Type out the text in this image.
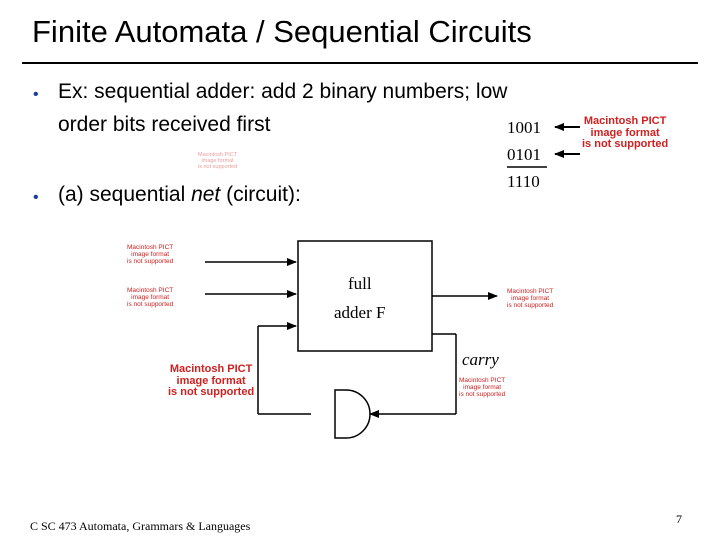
Finite Automata / Sequential Circuits
• Ex: sequential adder: add 2 binary numbers; low
order bits received first
• (a) sequential net (circuit):
1001
0101
1110
full
adder F
carry
Macintosh PICT
image format
is not supported
Macintosh PICT
image format
is not supported
Macintosh PICT
image format
is not supported
Macintosh PICT
image format
is not supported
Macintosh PICT
image format
is not supported
Macintosh PICT
image format
is not supported
Macintosh PICT
image format
is not supported
C SC 473 Automata, Grammars & Languages	7
